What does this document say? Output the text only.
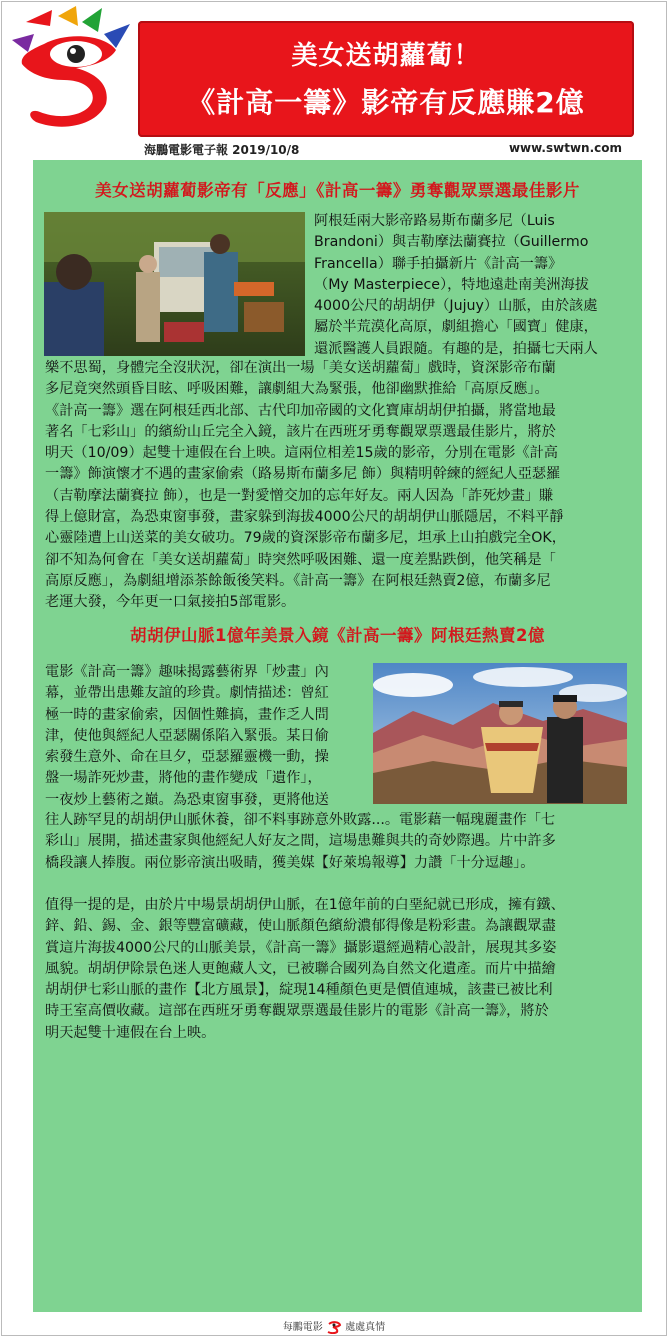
美女送胡蘿蔔！
《計高一籌》影帝有反應賺2億
海鵬電影電子報 2019/10/8	www.swtwn.com
美女送胡蘿蔔影帝有「反應」《計高一籌》勇奪觀眾票選最佳影片

阿根廷兩大影帝路易斯布蘭多尼（Luis
Brandoni）與吉勒摩法蘭賽拉（Guillermo
Francella）聯手拍攝新片《計高一籌》
（My Masterpiece），特地遠赴南美洲海拔
4000公尺的胡胡伊（Jujuy）山脈，由於該處
屬於半荒漠化高原，劇組擔心「國寶」健康，
還派醫護人員跟隨。有趣的是，拍攝七天兩人

樂不思蜀，身體完全沒狀況，卻在演出一場「美女送胡蘿蔔」戲時，資深影帝布蘭
多尼竟突然頭昏目眩、呼吸困難，讓劇組大為緊張，他卻幽默推給「高原反應」。
《計高一籌》選在阿根廷西北部、古代印加帝國的文化寶庫胡胡伊拍攝，將當地最
著名「七彩山」的繽紛山丘完全入鏡，該片在西班牙勇奪觀眾票選最佳影片，將於
明天（10/09）起雙十連假在台上映。這兩位相差15歲的影帝，分別在電影《計高
一籌》飾演懷才不遇的畫家偷索（路易斯布蘭多尼 飾）與精明幹練的經紀人亞瑟羅
（吉勒摩法蘭賽拉 飾），也是一對愛憎交加的忘年好友。兩人因為「詐死炒畫」賺
得上億財富，為恐東窗事發，畫家躲到海拔4000公尺的胡胡伊山脈隱居，不料平靜
心靈陸遭上山送菜的美女破功。79歲的資深影帝布蘭多尼，坦承上山拍戲完全OK，
卻不知為何會在「美女送胡蘿蔔」時突然呼吸困難、還一度差點跌倒，他笑稱是「
高原反應」，為劇組增添茶餘飯後笑料。《計高一籌》在阿根廷熱賣2億，布蘭多尼
老運大發，今年更一口氣接拍5部電影。

胡胡伊山脈1億年美景入鏡《計高一籌》阿根廷熱賣2億

電影《計高一籌》趣味揭露藝術界「炒畫」內
幕，並帶出患難友誼的珍貴。劇情描述：曾紅
極一時的畫家偷索，因個性難搞，畫作乏人問
津，使他與經紀人亞瑟關係陷入緊張。某日偷
索發生意外、命在旦夕，亞瑟羅靈機一動，操
盤一場詐死炒畫，將他的畫作變成「遺作」，
一夜炒上藝術之巔。為恐東窗事發，更將他送

往人跡罕見的胡胡伊山脈休養，卻不料事跡意外敗露...。電影藉一幅瑰麗畫作「七
彩山」展開，描述畫家與他經紀人好友之間，這場患難與共的奇妙際遇。片中許多
橋段讓人捧腹。兩位影帝演出吸睛，獲美媒【好萊塢報導】力讚「十分逗趣」。

值得一提的是，由於片中場景胡胡伊山脈，在1億年前的白堊紀就已形成，擁有鐵、
鋅、鉛、錫、金、銀等豐富礦藏，使山脈顏色繽紛濃郁得像是粉彩畫。為讓觀眾盡
賞這片海拔4000公尺的山脈美景，《計高一籌》攝影還經過精心設計，展現其多姿
風貌。胡胡伊除景色迷人更飽藏人文，已被聯合國列為自然文化遺產。而片中描繪
胡胡伊七彩山脈的畫作【北方風景】，綻現14種顏色更是價值連城，該畫已被比利
時王室高價收藏。這部在西班牙勇奪觀眾票選最佳影片的電影《計高一籌》，將於
明天起雙十連假在台上映。

每鵬電影 處處真情
